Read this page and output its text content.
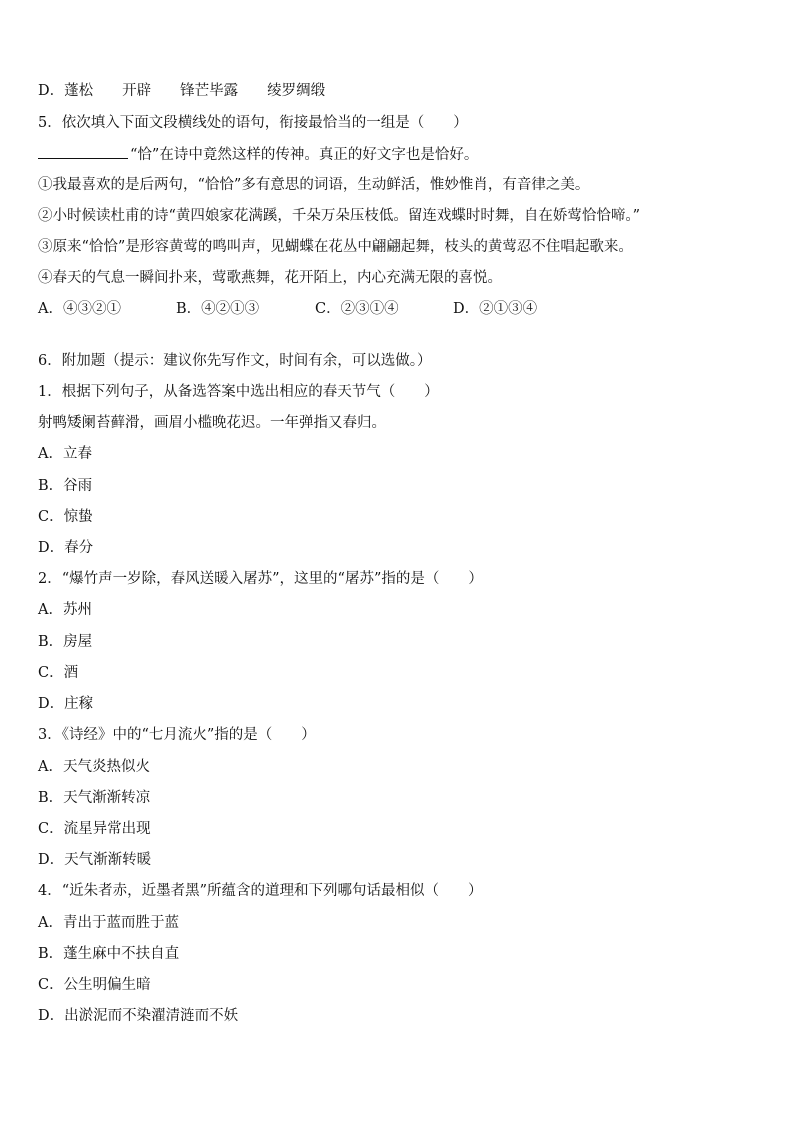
D．蓬松　　开辟　　锋芒毕露　　绫罗绸缎
5．依次填入下面文段横线处的语句，衔接最恰当的一组是（　　）
“恰”在诗中竟然这样的传神。真正的好文字也是恰好。
①我最喜欢的是后两句，“恰恰”多有意思的词语，生动鲜活，惟妙惟肖，有音律之美。
②小时候读杜甫的诗“黄四娘家花满蹊，千朵万朵压枝低。留连戏蝶时时舞，自在娇莺恰恰啼。”
③原来“恰恰”是形容黄莺的鸣叫声，见蝴蝶在花丛中翩翩起舞，枝头的黄莺忍不住唱起歌来。
④春天的气息一瞬间扑来，莺歌燕舞，花开陌上，内心充满无限的喜悦。
A．④③②①	B．④②①③	C．②③①④	D．②①③④
6．附加题（提示：建议你先写作文，时间有余，可以选做。）
1．根据下列句子，从备选答案中选出相应的春天节气（　　）
射鸭矮阑苔藓滑，画眉小槛晚花迟。一年弹指又春归。
A．立春
B．谷雨
C．惊蛰
D．春分
2．“爆竹声一岁除，春风送暖入屠苏”，这里的“屠苏”指的是（　　）
A．苏州
B．房屋
C．酒
D．庄稼
3．《诗经》中的“七月流火”指的是（　　）
A．天气炎热似火
B．天气渐渐转凉
C．流星异常出现
D．天气渐渐转暖
4．“近朱者赤，近墨者黑”所蕴含的道理和下列哪句话最相似（　　）
A．青出于蓝而胜于蓝
B．蓬生麻中不扶自直
C．公生明偏生暗
D．出淤泥而不染濯清涟而不妖
